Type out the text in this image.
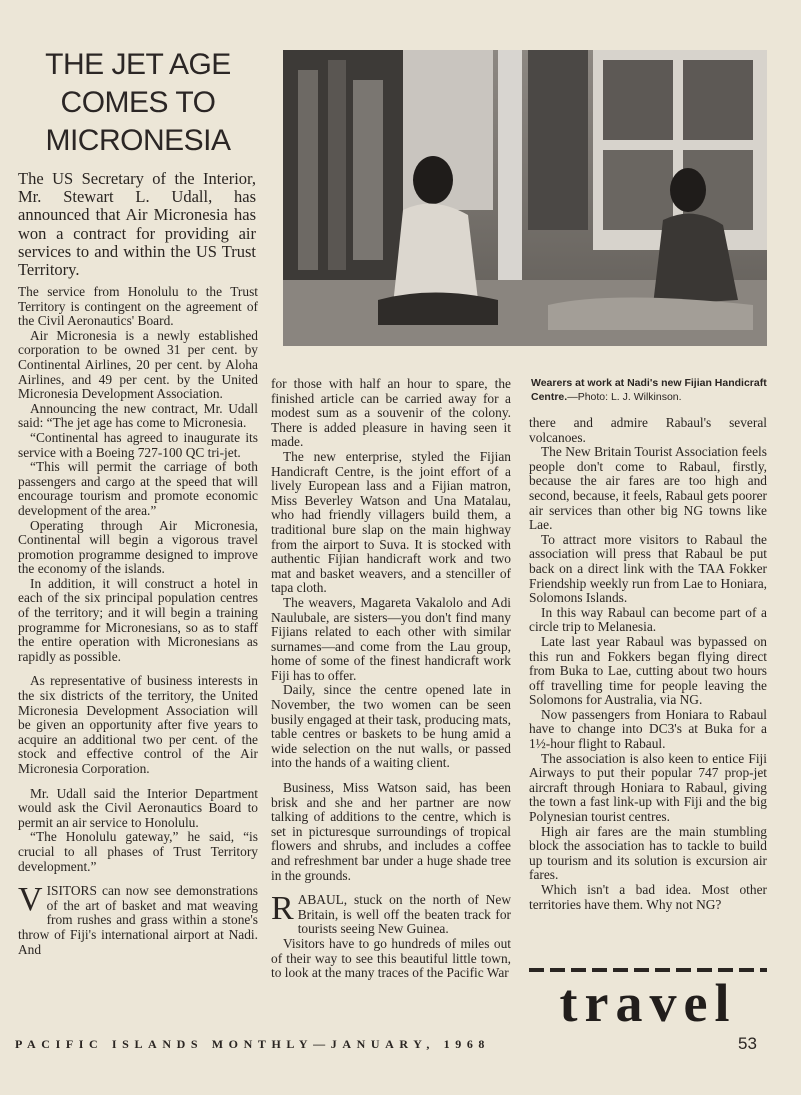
THE JET AGE
COMES TO
MICRONESIA
The US Secretary of the Interior, Mr. Stewart L. Udall, has announced that Air Micronesia has won a contract for providing air services to and within the US Trust Territory.

The service from Honolulu to the Trust Territory is contingent on the agreement of the Civil Aeronautics' Board.

Air Micronesia is a newly established corporation to be owned 31 per cent. by Continental Airlines, 20 per cent. by Aloha Airlines, and 49 per cent. by the United Micronesia Development Association.

Announcing the new contract, Mr. Udall said: “The jet age has come to Micronesia.

“Continental has agreed to inaugurate its service with a Boeing 727-100 QC tri-jet.

“This will permit the carriage of both passengers and cargo at the speed that will encourage tourism and promote economic development of the area.”

Operating through Air Micronesia, Continental will begin a vigorous travel promotion programme designed to improve the economy of the islands.

In addition, it will construct a hotel in each of the six principal population centres of the territory; and it will begin a training programme for Micronesians, so as to staff the entire operation with Micronesians as rapidly as possible.

As representative of business interests in the six districts of the territory, the United Micronesia Development Association will be given an opportunity after five years to acquire an additional two per cent. of the stock and effective control of the Air Micronesia Corporation.

Mr. Udall said the Interior Department would ask the Civil Aeronautics Board to permit an air service to Honolulu.

“The Honolulu gateway,” he said, “is crucial to all phases of Trust Territory development.”

VISITORS can now see demonstrations of the art of basket and mat weaving from rushes and grass within a stone's throw of Fiji's international airport at Nadi. And

Wearers at work at Nadi's new Fijian Handicraft Centre.—Photo: L. J. Wilkinson.

for those with half an hour to spare, the finished article can be carried away for a modest sum as a souvenir of the colony. There is added pleasure in having seen it made.

The new enterprise, styled the Fijian Handicraft Centre, is the joint effort of a lively European lass and a Fijian matron, Miss Beverley Watson and Una Matalau, who had friendly villagers build them, a traditional bure slap on the main highway from the airport to Suva. It is stocked with authentic Fijian handicraft work and two mat and basket weavers, and a stenciller of tapa cloth.

The weavers, Magareta Vakalolo and Adi Naulubale, are sisters—you don't find many Fijians related to each other with similar surnames—and come from the Lau group, home of some of the finest handicraft work Fiji has to offer.

Daily, since the centre opened late in November, the two women can be seen busily engaged at their task, producing mats, table centres or baskets to be hung amid a wide selection on the nut walls, or passed into the hands of a waiting client.

Business, Miss Watson said, has been brisk and she and her partner are now talking of additions to the centre, which is set in picturesque surroundings of tropical flowers and shrubs, and includes a coffee and refreshment bar under a huge shade tree in the grounds.

RABAUL, stuck on the north of New Britain, is well off the beaten track for tourists seeing New Guinea.

Visitors have to go hundreds of miles out of their way to see this beautiful little town, to look at the many traces of the Pacific War

there and admire Rabaul's several volcanoes.

The New Britain Tourist Association feels people don't come to Rabaul, firstly, because the air fares are too high and second, because, it feels, Rabaul gets poorer air services than other big NG towns like Lae.

To attract more visitors to Rabaul the association will press that Rabaul be put back on a direct link with the TAA Fokker Friendship weekly run from Lae to Honiara, Solomons Islands.

In this way Rabaul can become part of a circle trip to Melanesia.

Late last year Rabaul was bypassed on this run and Fokkers began flying direct from Buka to Lae, cutting about two hours off travelling time for people leaving the Solomons for Australia, via NG.

Now passengers from Honiara to Rabaul have to change into DC3's at Buka for a 1½-hour flight to Rabaul.

The association is also keen to entice Fiji Airways to put their popular 747 prop-jet aircraft through Honiara to Rabaul, giving the town a fast link-up with Fiji and the big Polynesian tourist centres.

High air fares are the main stumbling block the association has to tackle to build up tourism and its solution is excursion air fares.

Which isn't a bad idea. Most other territories have them. Why not NG?

travel
PACIFIC ISLANDS MONTHLY—JANUARY, 1968	53
